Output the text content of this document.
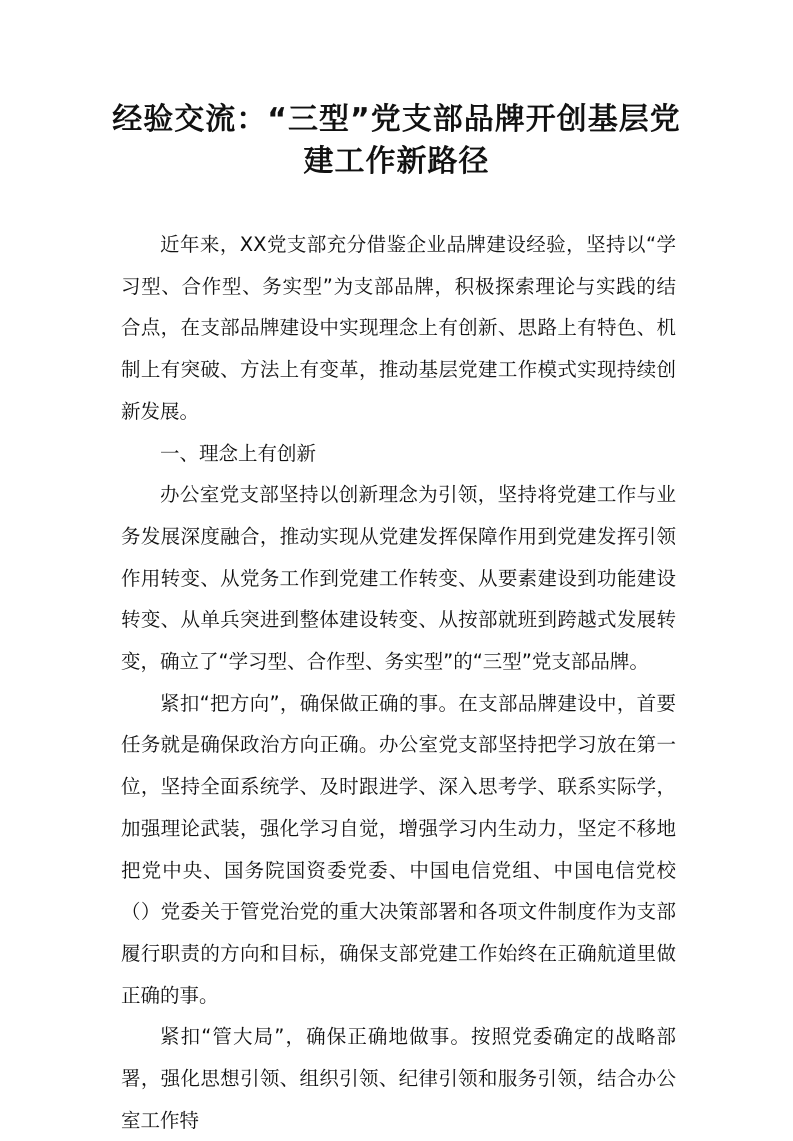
经验交流：“三型”党支部品牌开创基层党
建工作新路径

近年来，XX党支部充分借鉴企业品牌建设经验，坚持以“学习型、合作型、务实型”为支部品牌，积极探索理论与实践的结合点，在支部品牌建设中实现理念上有创新、思路上有特色、机制上有突破、方法上有变革，推动基层党建工作模式实现持续创新发展。

一、理念上有创新

办公室党支部坚持以创新理念为引领，坚持将党建工作与业务发展深度融合，推动实现从党建发挥保障作用到党建发挥引领作用转变、从党务工作到党建工作转变、从要素建设到功能建设转变、从单兵突进到整体建设转变、从按部就班到跨越式发展转变，确立了“学习型、合作型、务实型”的“三型”党支部品牌。

紧扣“把方向”，确保做正确的事。在支部品牌建设中，首要任务就是确保政治方向正确。办公室党支部坚持把学习放在第一位，坚持全面系统学、及时跟进学、深入思考学、联系实际学，加强理论武装，强化学习自觉，增强学习内生动力，坚定不移地把党中央、国务院国资委党委、中国电信党组、中国电信党校（）党委关于管党治党的重大决策部署和各项文件制度作为支部履行职责的方向和目标，确保支部党建工作始终在正确航道里做正确的事。

紧扣“管大局”，确保正确地做事。按照党委确定的战略部署，强化思想引领、组织引领、纪律引领和服务引领，结合办公室工作特
